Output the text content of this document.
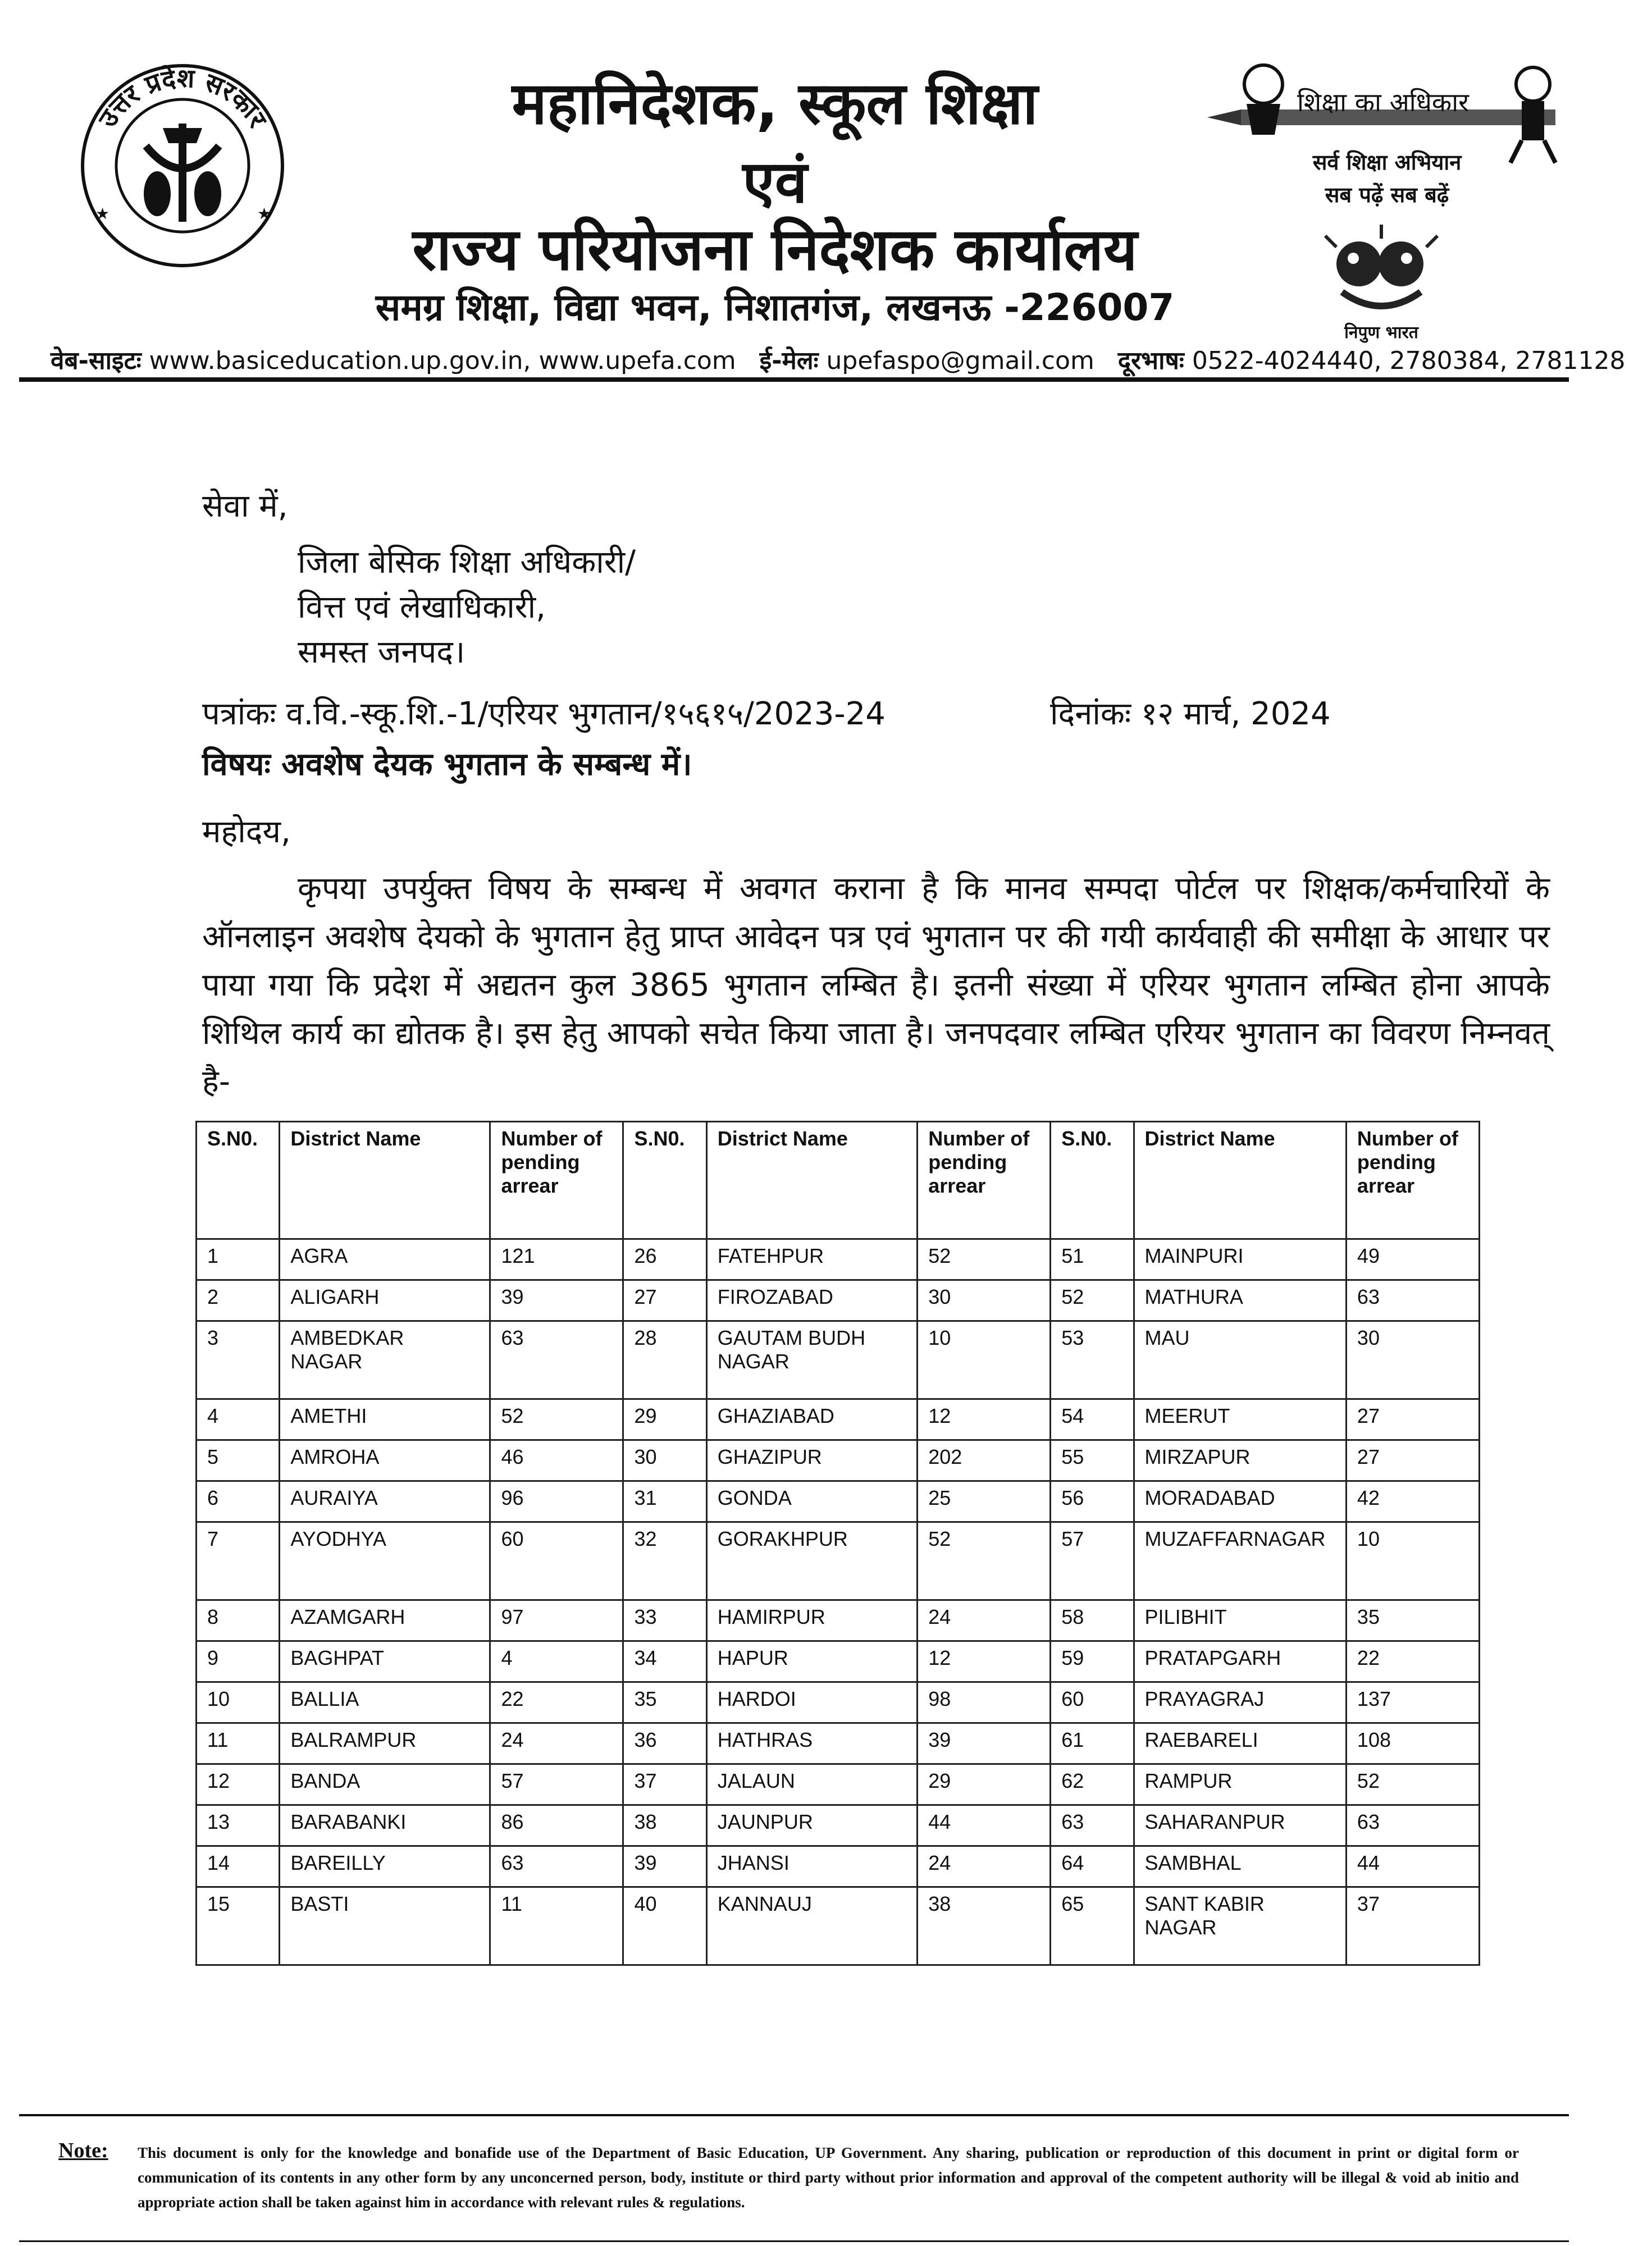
उत्तर प्रदेश सरकार
★	★
महानिदेशक, स्कूल शिक्षा
एवं
राज्य परियोजना निदेशक कार्यालय
समग्र शिक्षा, विद्या भवन, निशातगंज, लखनऊ -226007
शिक्षा का अधिकार
सर्व शिक्षा अभियान
सब पढ़ें सब बढ़ें
निपुण भारत
वेब-साइटः www.basiceducation.up.gov.in, www.upefa.com ई-मेलः upefaspo@gmail.com दूरभाषः 0522-4024440, 2780384, 2781128
सेवा में,
जिला बेसिक शिक्षा अधिकारी/
वित्त एवं लेखाधिकारी,
समस्त जनपद।
पत्रांकः व.वि.-स्कू.शि.-1/एरियर भुगतान/१५६१५/2023-24	दिनांकः १२ मार्च, 2024
विषयः अवशेष देयक भुगतान के सम्बन्ध में।
महोदय,
कृपया उपर्युक्त विषय के सम्बन्ध में अवगत कराना है कि मानव सम्पदा पोर्टल पर शिक्षक/कर्मचारियों के ऑनलाइन अवशेष देयको के भुगतान हेतु प्राप्त आवेदन पत्र एवं भुगतान पर की गयी कार्यवाही की समीक्षा के आधार पर पाया गया कि प्रदेश में अद्यतन कुल 3865 भुगतान लम्बित है। इतनी संख्या में एरियर भुगतान लम्बित होना आपके शिथिल कार्य का द्योतक है। इस हेतु आपको सचेत किया जाता है। जनपदवार लम्बित एरियर भुगतान का विवरण निम्नवत् है-
S.N0.	District Name	Number of pending arrear	S.N0.	District Name	Number of pending arrear	S.N0.	District Name	Number of pending arrear
1	AGRA	121	26	FATEHPUR	52	51	MAINPURI	49
2	ALIGARH	39	27	FIROZABAD	30	52	MATHURA	63
3	AMBEDKAR NAGAR	63	28	GAUTAM BUDH NAGAR	10	53	MAU	30
4	AMETHI	52	29	GHAZIABAD	12	54	MEERUT	27
5	AMROHA	46	30	GHAZIPUR	202	55	MIRZAPUR	27
6	AURAIYA	96	31	GONDA	25	56	MORADABAD	42
7	AYODHYA	60	32	GORAKHPUR	52	57	MUZAFFARNAGAR	10
8	AZAMGARH	97	33	HAMIRPUR	24	58	PILIBHIT	35
9	BAGHPAT	4	34	HAPUR	12	59	PRATAPGARH	22
10	BALLIA	22	35	HARDOI	98	60	PRAYAGRAJ	137
11	BALRAMPUR	24	36	HATHRAS	39	61	RAEBARELI	108
12	BANDA	57	37	JALAUN	29	62	RAMPUR	52
13	BARABANKI	86	38	JAUNPUR	44	63	SAHARANPUR	63
14	BAREILLY	63	39	JHANSI	24	64	SAMBHAL	44
15	BASTI	11	40	KANNAUJ	38	65	SANT KABIR NAGAR	37
Note: This document is only for the knowledge and bonafide use of the Department of Basic Education, UP Government. Any sharing, publication or reproduction of this document in print or digital form or communication of its contents in any other form by any unconcerned person, body, institute or third party without prior information and approval of the competent authority will be illegal & void ab initio and appropriate action shall be taken against him in accordance with relevant rules & regulations.
